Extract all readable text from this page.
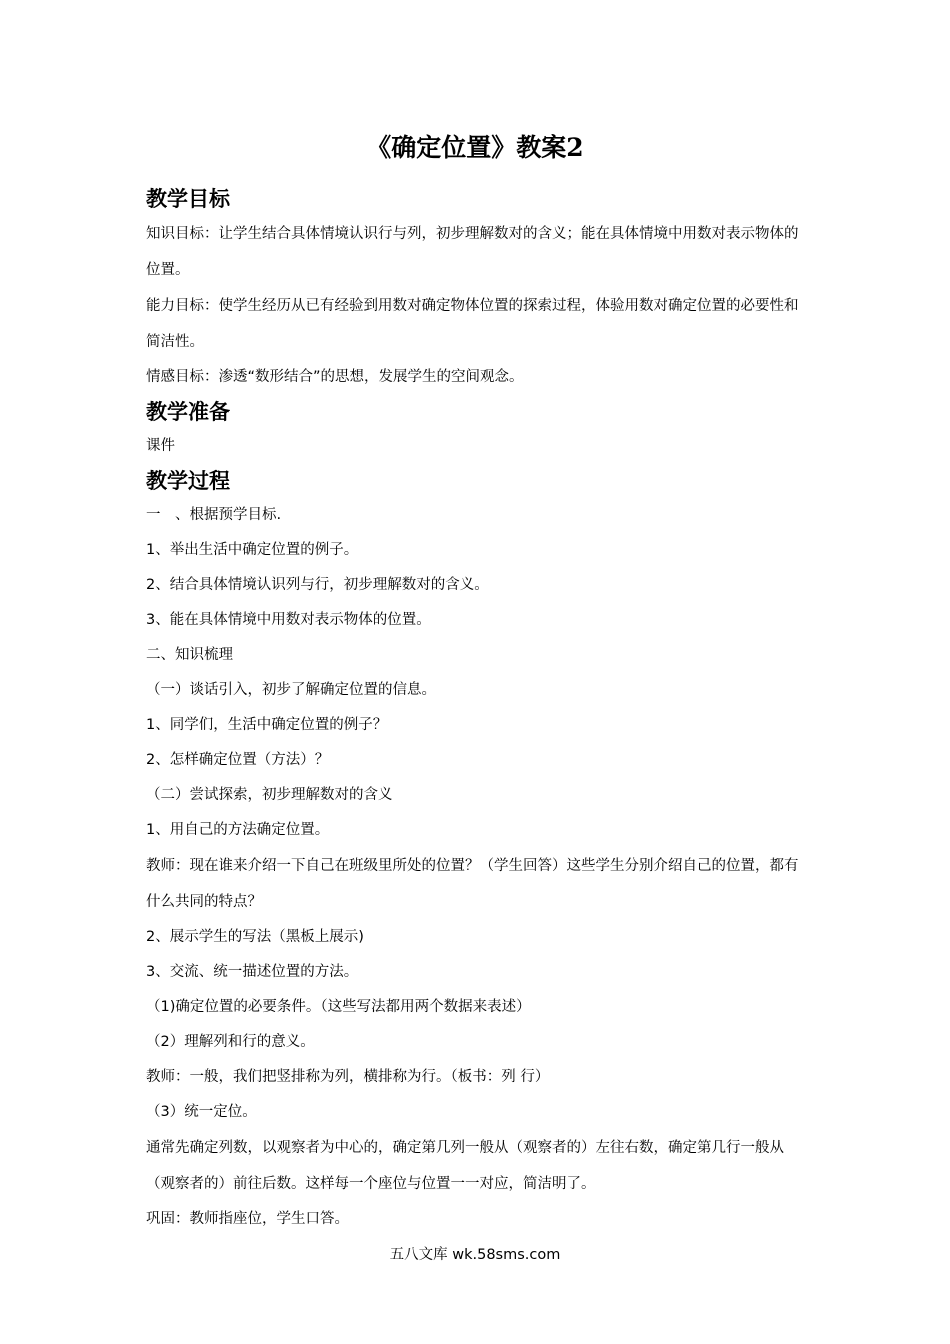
《确定位置》教案2
教学目标

知识目标：让学生结合具体情境认识行与列，初步理解数对的含义；能在具体情境中用数对表示物体的位置。

能力目标：使学生经历从已有经验到用数对确定物体位置的探索过程，体验用数对确定位置的必要性和简洁性。

情感目标：渗透“数形结合”的思想，发展学生的空间观念。

教学准备

课件

教学过程

一　、根据预学目标.

1、举出生活中确定位置的例子。

2、结合具体情境认识列与行，初步理解数对的含义。

3、能在具体情境中用数对表示物体的位置。

二、知识梳理

（一）谈话引入，初步了解确定位置的信息。

1、同学们，生活中确定位置的例子？

2、怎样确定位置（方法）？

（二）尝试探索，初步理解数对的含义

1、用自己的方法确定位置。

教师：现在谁来介绍一下自己在班级里所处的位置？（学生回答）这些学生分别介绍自己的位置，都有什么共同的特点？

2、展示学生的写法（黑板上展示)

3、交流、统一描述位置的方法。

（1)确定位置的必要条件。（这些写法都用两个数据来表述）

（2）理解列和行的意义。

教师：一般，我们把竖排称为列，横排称为行。（板书：列 行）

（3）统一定位。

通常先确定列数，以观察者为中心的，确定第几列一般从（观察者的）左往右数，确定第几行一般从（观察者的）前往后数。这样每一个座位与位置一一对应，简洁明了。

巩固：教师指座位，学生口答。

五八文库 wk.58sms.com
